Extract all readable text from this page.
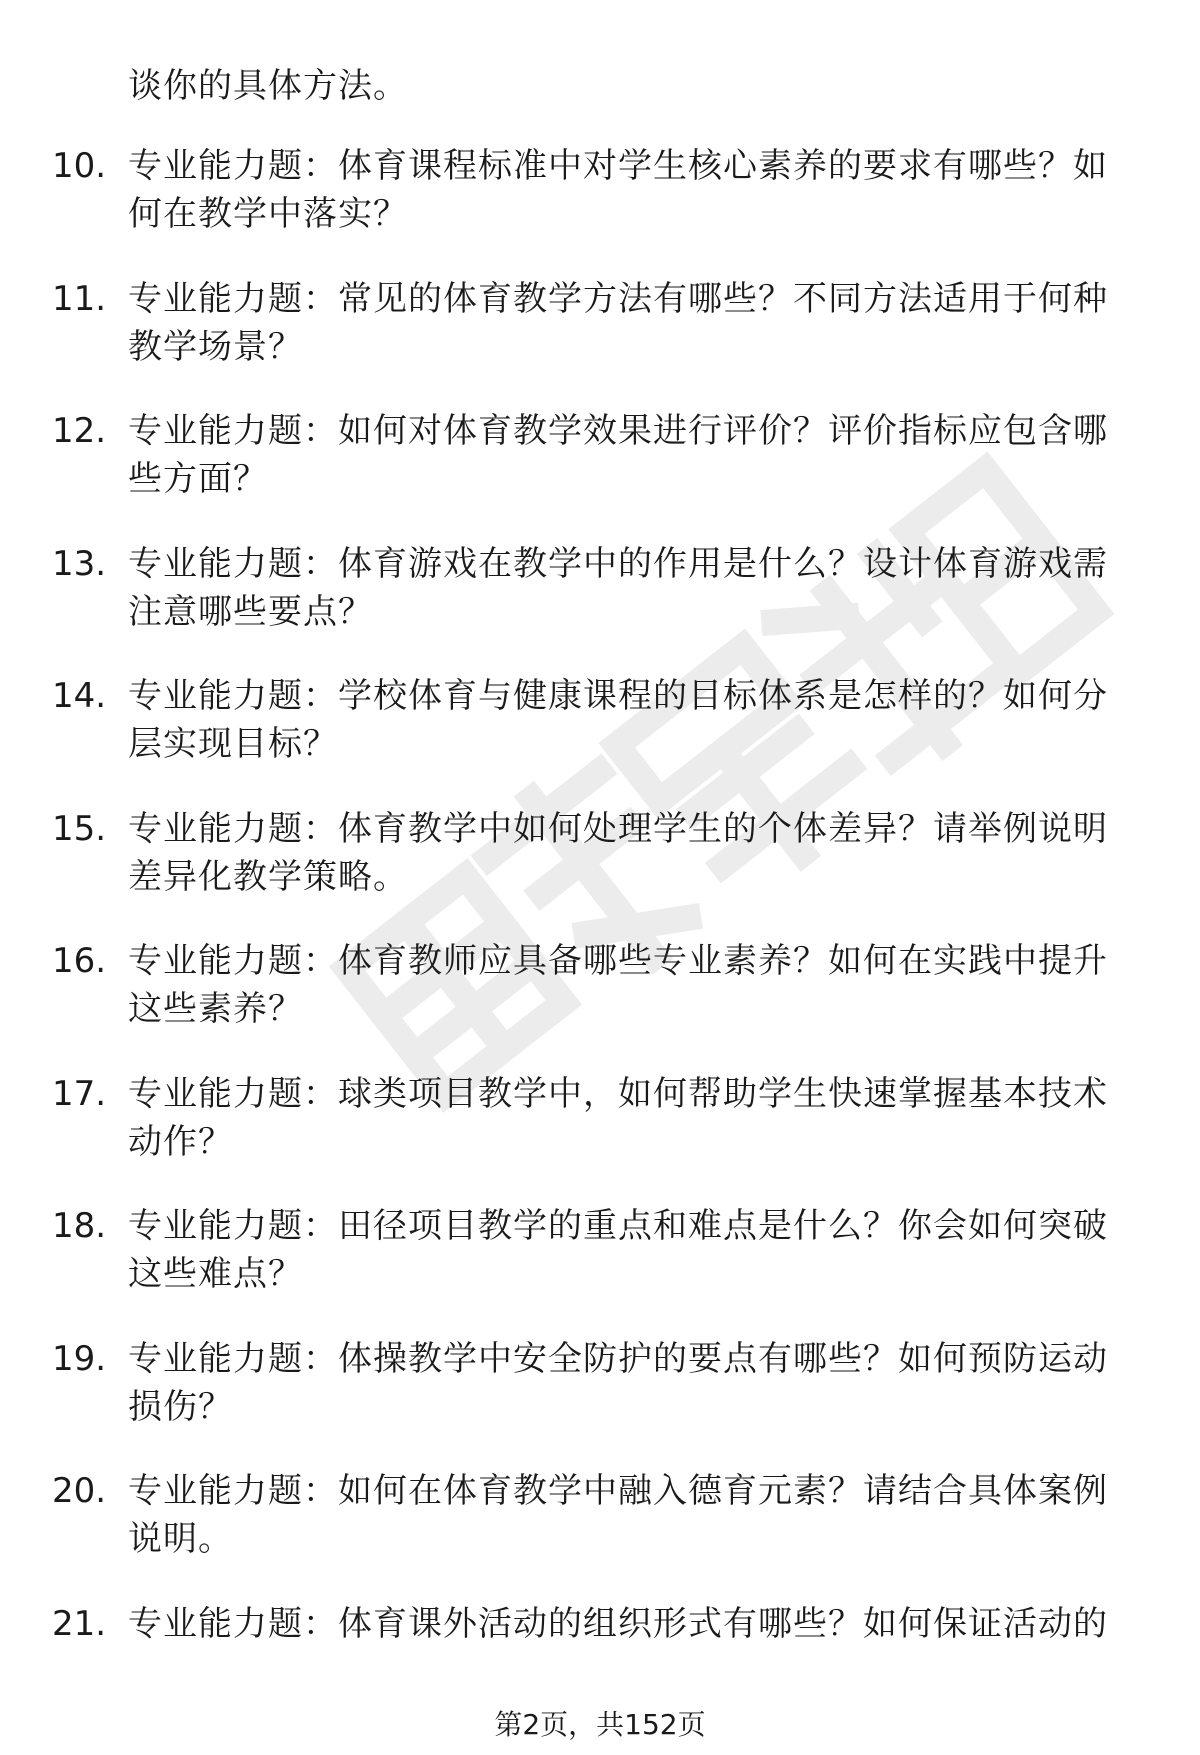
谈你的具体方法。
10. 专业能力题：体育课程标准中对学生核心素养的要求有哪些？如何在教学中落实？
11. 专业能力题：常见的体育教学方法有哪些？不同方法适用于何种教学场景？
12. 专业能力题：如何对体育教学效果进行评价？评价指标应包含哪些方面？
13. 专业能力题：体育游戏在教学中的作用是什么？设计体育游戏需注意哪些要点？
14. 专业能力题：学校体育与健康课程的目标体系是怎样的？如何分层实现目标？
15. 专业能力题：体育教学中如何处理学生的个体差异？请举例说明差异化教学策略。
16. 专业能力题：体育教师应具备哪些专业素养？如何在实践中提升这些素养？
17. 专业能力题：球类项目教学中，如何帮助学生快速掌握基本技术动作？
18. 专业能力题：田径项目教学的重点和难点是什么？你会如何突破这些难点？
19. 专业能力题：体操教学中安全防护的要点有哪些？如何预防运动损伤？
20. 专业能力题：如何在体育教学中融入德育元素？请结合具体案例说明。
21. 专业能力题：体育课外活动的组织形式有哪些？如何保证活动的
第2页，共152页
